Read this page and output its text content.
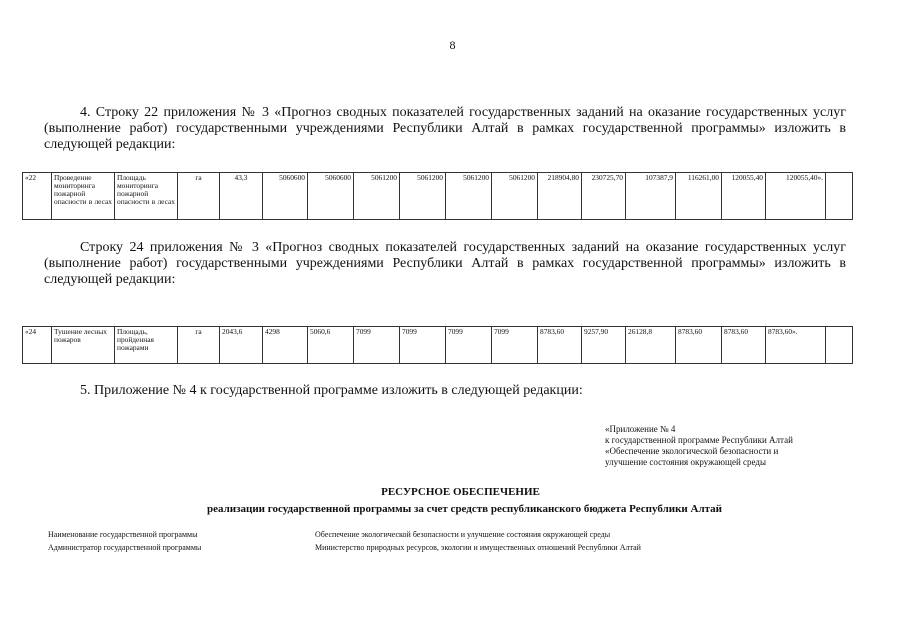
8
4. Строку 22 приложения № 3 «Прогноз сводных показателей государственных заданий на оказание государственных услуг (выполнение работ) государственными учреждениями Республики Алтай в рамках государственной программы» изложить в следующей редакции:
«22	Проведение мониторинга пожарной опасности в лесах	Площадь мониторинга пожарной опасности в лесах	га	43,3	5060600	5060600	5061200	5061200	5061200	5061200	218904,80	230725,70	107387,9	116261,00	120055,40	120055,40».	
Строку 24 приложения № 3 «Прогноз сводных показателей государственных заданий на оказание государственных услуг (выполнение работ) государственными учреждениями Республики Алтай в рамках государственной программы» изложить в следующей редакции:
«24	Тушение лесных пожаров	Площадь, пройденная пожарами	га	2043,6	4298	5060,6	7099	7099	7099	7099	8783,60	9257,90	26128,8	8783,60	8783,60	8783,60».	
5. Приложение № 4 к государственной программе изложить в следующей редакции:
«Приложение № 4
к государственной программе Республики Алтай
«Обеспечение экологической безопасности и
улучшение состояния окружающей среды
РЕСУРСНОЕ ОБЕСПЕЧЕНИЕ
реализации государственной программы за счет средств республиканского бюджета Республики Алтай
Наименование государственной программы	Обеспечение экологической безопасности и улучшение состояния окружающей среды
Администратор государственной программы	Министерство природных ресурсов, экологии и имущественных отношений Республики Алтай
